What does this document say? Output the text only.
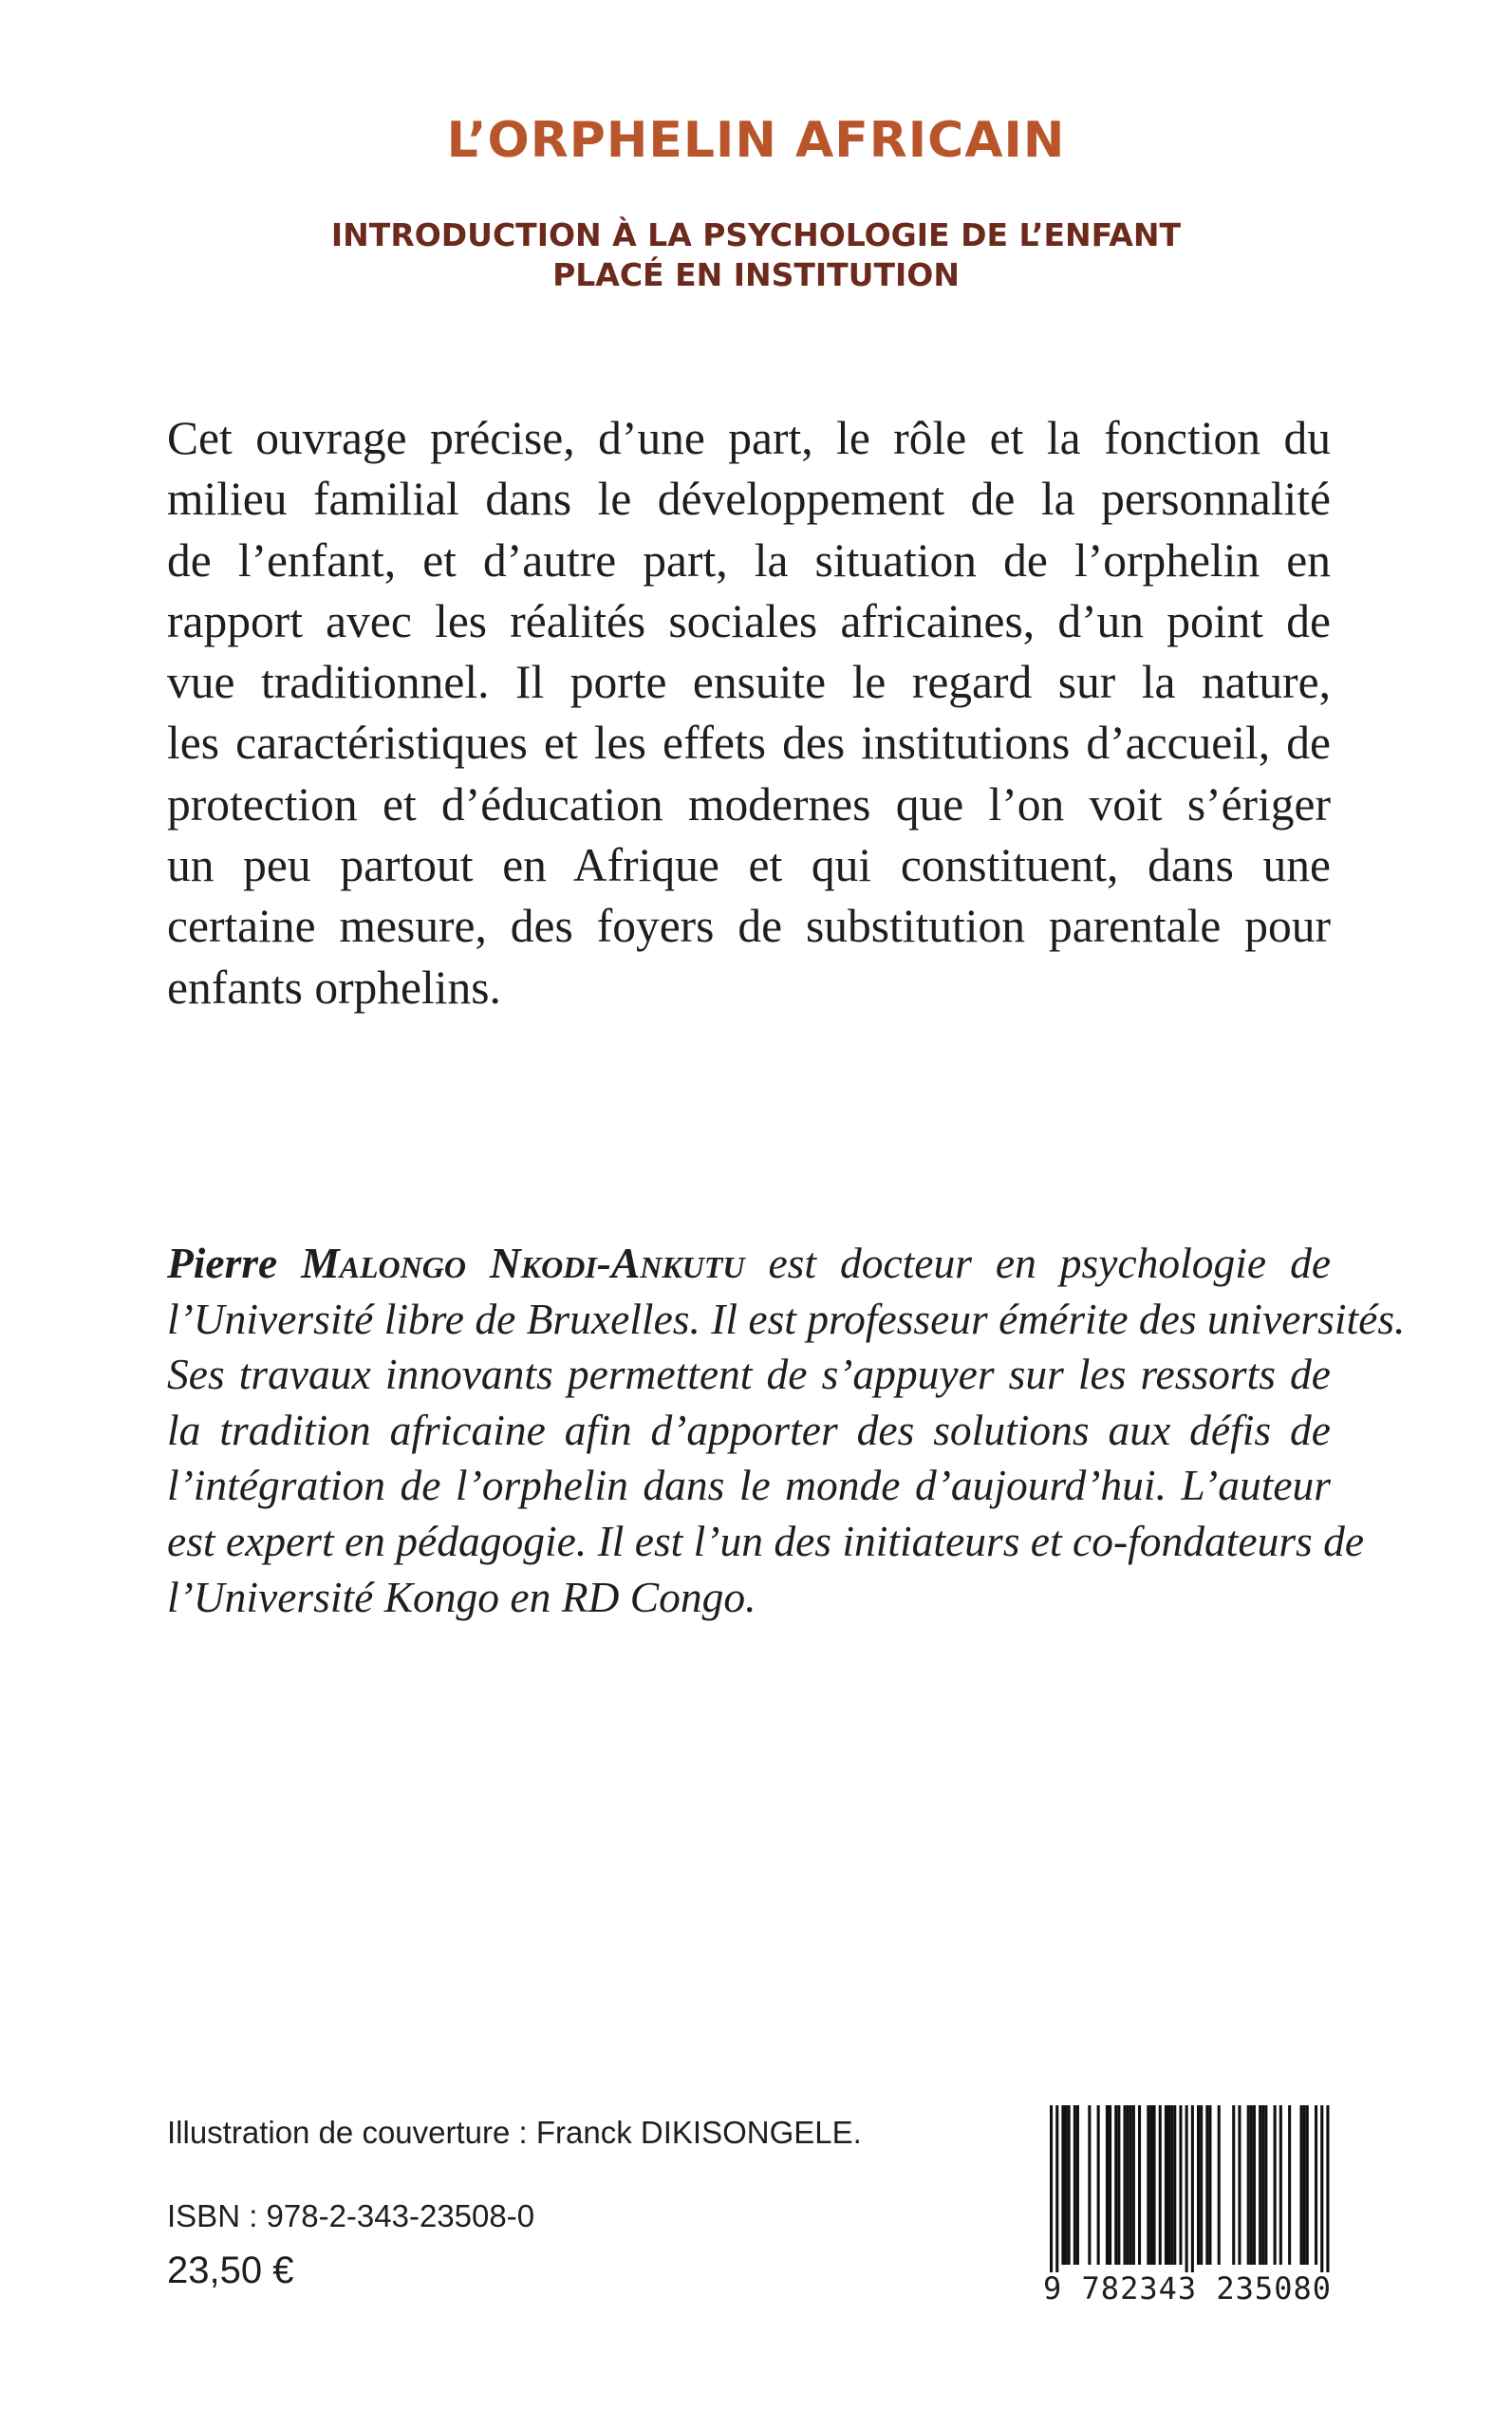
L’ORPHELIN AFRICAIN
INTRODUCTION À LA PSYCHOLOGIE DE L’ENFANT
PLACÉ EN INSTITUTION
Cet ouvrage précise, d’une part, le rôle et la fonction du
milieu familial dans le développement de la personnalité
de l’enfant, et d’autre part, la situation de l’orphelin en
rapport avec les réalités sociales africaines, d’un point de
vue traditionnel. Il porte ensuite le regard sur la nature,
les caractéristiques et les effets des institutions d’accueil, de
protection et d’éducation modernes que l’on voit s’ériger
un peu partout en Afrique et qui constituent, dans une
certaine mesure, des foyers de substitution parentale pour
enfants orphelins.
Pierre Malongo Nkodi-Ankutu est docteur en psychologie de
l’Université libre de Bruxelles. Il est professeur émérite des universités.
Ses travaux innovants permettent de s’appuyer sur les ressorts de
la tradition africaine afin d’apporter des solutions aux défis de
l’intégration de l’orphelin dans le monde d’aujourd’hui. L’auteur
est expert en pédagogie. Il est l’un des initiateurs et co-fondateurs de
l’Université Kongo en RD Congo.
Illustration de couverture : Franck DIKISONGELE.
ISBN : 978-2-343-23508-0
23,50 €	9 782343 235080
